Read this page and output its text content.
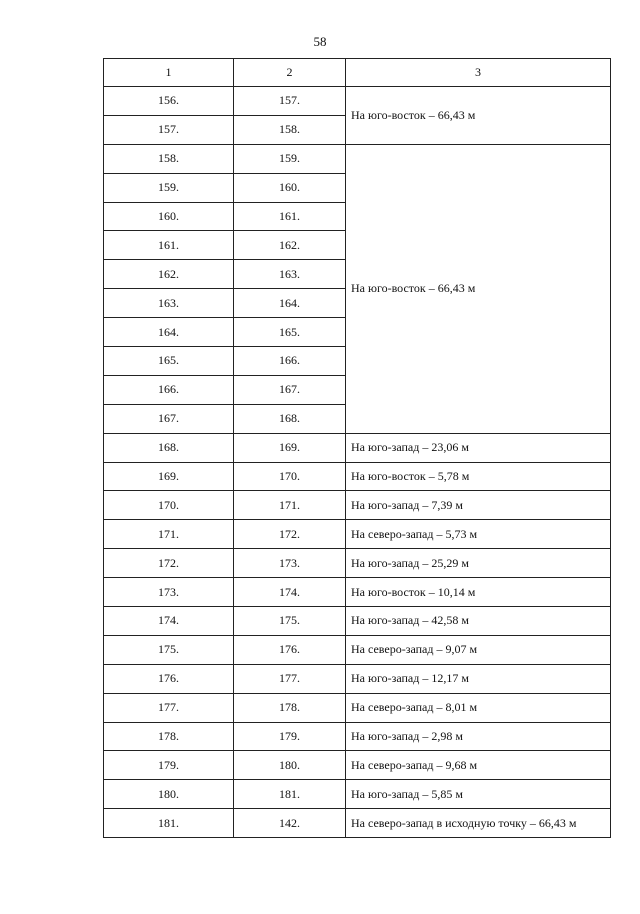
58
1	2	3
156.	157.	На юго-восток – 66,43 м
157.	158.	
158.	159.	На юго-восток – 66,43 м
159.	160.	
160.	161.	
161.	162.	
162.	163.	
163.	164.	
164.	165.	
165.	166.	
166.	167.	
167.	168.	
168.	169.	На юго-запад – 23,06 м
169.	170.	На юго-восток – 5,78 м
170.	171.	На юго-запад – 7,39 м
171.	172.	На северо-запад – 5,73 м
172.	173.	На юго-запад – 25,29 м
173.	174.	На юго-восток – 10,14 м
174.	175.	На юго-запад – 42,58 м
175.	176.	На северо-запад – 9,07 м
176.	177.	На юго-запад – 12,17 м
177.	178.	На северо-запад – 8,01 м
178.	179.	На юго-запад – 2,98 м
179.	180.	На северо-запад – 9,68 м
180.	181.	На юго-запад – 5,85 м
181.	142.	На северо-запад в исходную точку – 66,43 м
